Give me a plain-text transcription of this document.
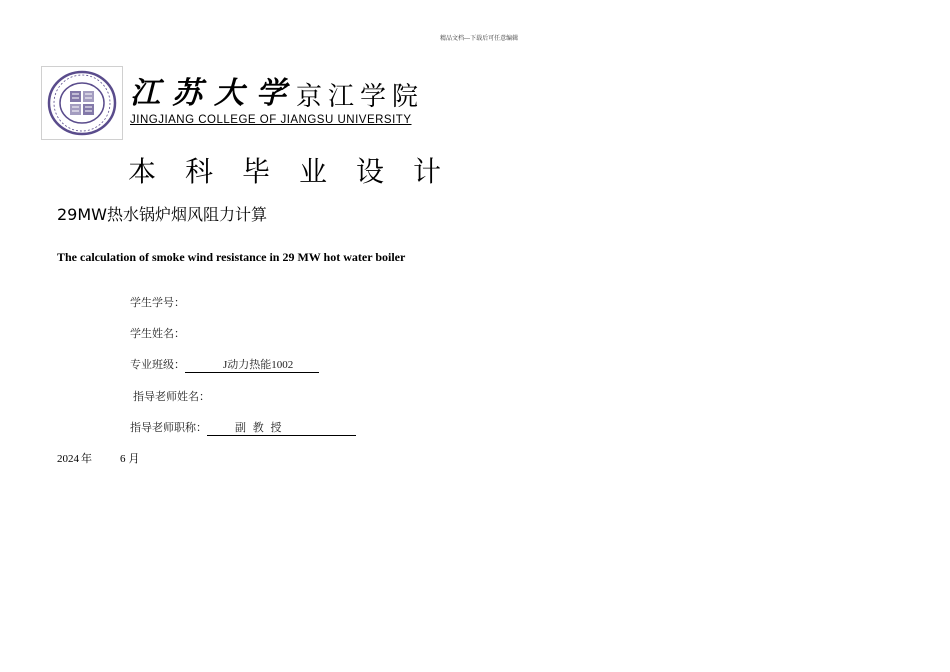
精品文档---下载后可任意编辑
江苏大学
京江学院
JINGJIANG COLLEGE OF JIANGSU UNIVERSITY
本科毕业设计
29MW热水锅炉烟风阻力计算
The calculation of smoke wind resistance in 29 MW hot water boiler
学生学号：
学生姓名：
专业班级：	J动力热能1002
指导老师姓名：
指导老师职称：	副 教 授
2024 年	6 月
